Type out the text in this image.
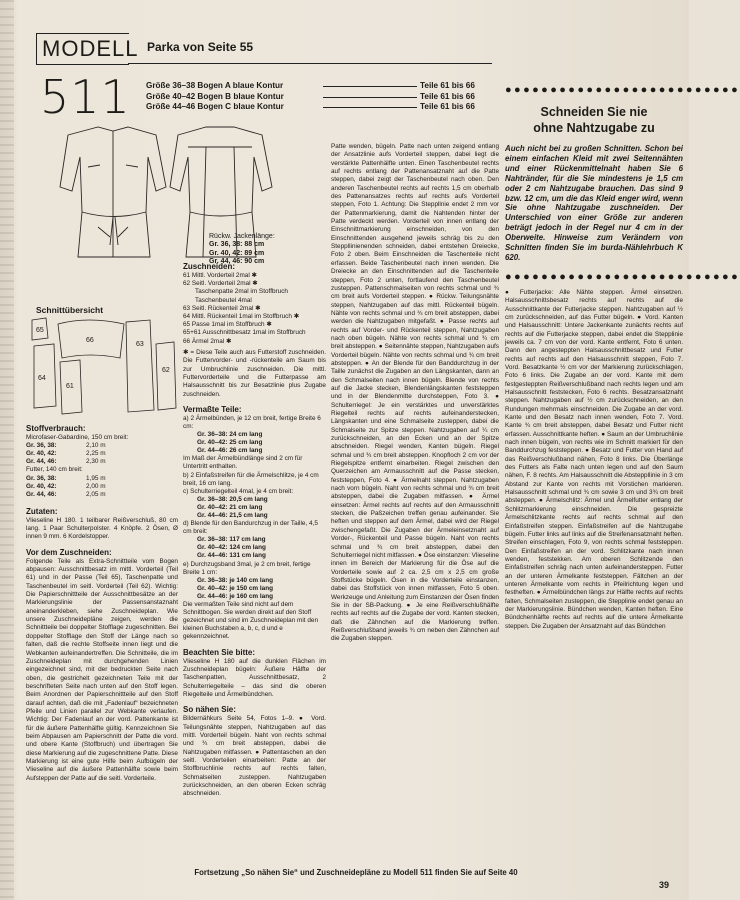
MODELL Parka von Seite 55
511 Größe 36–38 Bogen A blaue Kontur	Teile 61 bis 66
Größe 40–42 Bogen B blaue Kontur	Teile 61 bis 66
Größe 44–46 Bogen C blaue Kontur	Teile 61 bis 66
Rückw. Jackenlänge:
Gr. 36, 38: 88 cm
Gr. 40, 42: 89 cm
Gr. 44, 46: 90 cm
Schnittübersicht
65
66
63
62
61
64
Stoffverbrauch:
Microfaser-Gabardine, 150 cm breit:
Gr. 36, 38:	2,10 m
Gr. 40, 42:	2,25 m
Gr. 44, 46:	2,30 m
Futter, 140 cm breit:
Gr. 36, 38:	1,95 m
Gr. 40, 42:	2,00 m
Gr. 44, 46:	2,05 m
Zutaten:
Vlieseline H 180. 1 teilbarer Reißverschluß, 80 cm lang. 1 Paar Schulterpolster. 4 Knöpfe. 2 Ösen, Ø innen 9 mm. 6 Kordelstopper.
Vor dem Zuschneiden:
Folgende Teile als Extra-Schnittteile vom Bogen abpausen: Ausschnittbesatz im mittl. Vorderteil (Teil 61) und in der Passe (Teil 65), Taschenpatte und Taschenbeutel im seitl. Vorderteil (Teil 62). Wichtig: Die Papierschnittteile der Ausschnittbesätze an der Markierungslinie der Passensanstaznaht aneinanderkleben, siehe Zuschneideplan. Wie unsere Zuschneidepläne zeigen, werden die Schnittteile bei doppelter Stofflage zugeschnitten. Bei doppelter Stofflage den Stoff der Länge nach so falten, daß die rechte Stoffseite innen liegt und die Webkanten aufeinandertreffen. Die Schnitteile, die im Zuschneideplan mit durchgehenden Linien eingezeichnet sind, mit der bedruckten Seite nach oben, die gestrichelt gezeichneten Teile mit der beschrifteten Seite nach unten auf den Stoff legen. Beim Anordnen der Papierschnittteile auf den Stoff darauf achten, daß die mit „Fadenlauf“ bezeichneten Pfeile und Linien parallel zur Webkante verlaufen. Wichtig: Der Fadenlauf an der vord. Pattenkante ist für die äußere Pattenhälfte gültig. Kennzeichnen Sie beim Abpausen am Papierschnitt der Patte die vord. und obere Kante (Stoffbruch) und übertragen Sie diese Markierung auf die zugeschnittene Patte. Diese Markierung ist eine gute Hilfe beim Aufbügeln der Vlieseline auf die äußere Pattenhälfte sowie beim Aufsteppen der Patte auf die seitl. Vorderteile.
Zuschneiden:
61 Mittl. Vorderteil 2mal ✱
62 Seitl. Vorderteil 2mal ✱
Taschenpatte 2mal im Stoffbruch
Taschenbeutel 4mal
63 Seitl. Rückenteil 2mal ✱
64 Mittl. Rückenteil 1mal im Stoffbruch ✱
65 Passe 1mal im Stoffbruch ✱
65+61 Ausschnittbesatz 1mal im Stoffbruch
66 Ärmel 2mal ✱
✱ = Diese Teile auch aus Futterstoff zuschneiden. Die Futtervorder- und -rückenteile am Saum bis zur Umbruchlinie zuschneiden. Die mittl. Futtervorderteile und die Futterpasse am Halsausschnitt bis zur Besatzlinie plus Zugabe zuschneiden.
Vermaßte Teile:
a) 2 Ärmelbünden, je 12 cm breit, fertige Breite 6 cm:
Gr. 36–38: 24 cm lang
Gr. 40–42: 25 cm lang
Gr. 44–46: 26 cm lang
Im Maß der Ärmelbündlänge sind 2 cm für Untertritt enthalten.
b) 2 Einfaßstreifen für die Ärmelschlitze, je 4 cm breit, 16 cm lang.
c) Schulterriegelteil 4mal, je 4 cm breit:
Gr. 36–38: 20,5 cm lang
Gr. 40–42: 21 cm lang
Gr. 44–46: 21,5 cm lang
d) Blende für den Bandurchzug in der Taille, 4,5 cm breit:
Gr. 36–38: 117 cm lang
Gr. 40–42: 124 cm lang
Gr. 44–46: 131 cm lang
e) Durchzugsband 3mal, je 2 cm breit, fertige Breite 1 cm:
Gr. 36–38: je 140 cm lang
Gr. 40–42: je 150 cm lang
Gr. 44–46: je 160 cm lang
Die vermaßten Teile sind nicht auf dem Schnittbogen. Sie werden direkt auf den Stoff gezeichnet und sind im Zuschneideplan mit den kleinen Buchstaben a, b, c, d und e gekennzeichnet.
Beachten Sie bitte:
Vlieseline H 180 auf die dunklen Flächen im Zuschneideplan bügeln: Äußere Hälfte der Taschenpatten, Ausschnittbesatz, 2 Schulterriegelteile – das sind die oberen Riegelteile und Ärmelbündchen.
So nähen Sie:
Bildernähkurs Seite 54, Fotos 1–9. ● Vord. Teilungsnähte steppen, Nahtzugaben auf das mittl. Vorderteil bügeln. Naht von rechts schmal und ¾ cm breit absteppen, dabei die Nahtzugaben mitfassen. ● Pattentaschen an den seitl. Vorderteilen einarbeiten: Patte an der Stoffbruchlinie rechts auf rechts falten, Schmalseiten zusteppen. Nahtzugaben zurückschneiden, an den oberen Ecken schräg abschneiden.
Patte wenden, bügeln. Patte nach unten zeigend entlang der Ansatzlinie aufs Vorderteil steppen, dabei liegt die verstärkte Pattenhälfte unten. Einen Taschenbeutel rechts auf rechts entlang der Pattenansatznaht auf die Patte steppen, dabei zeigt der Taschenbeutel nach oben. Den anderen Taschenbeutel rechts auf rechts 1,5 cm oberhalb des Pattenansatzes rechts auf rechts aufs Vorderteil steppen, Foto 1. Achtung: Die Steppllnie endet 2 mm vor der Pattenmarkierung, damit die Nahtenden hinter der Patte verdeckt werden. Vorderteil von innen entlang der Einschnittmarkierung einschneiden, von den Einschnittenden ausgehend jeweils schräg bis zu den Steppllinienenden schneiden, dabei entstehen Dreiecke, Foto 2 oben. Beim Einschneiden die Taschenteile nicht erfassen. Beide Taschenbeutel nach innen wenden. Die Dreiecke an den Einschnittenden auf die Taschenteile steppen, Foto 2 unten, fortlaufend den Taschenbeutel zusteppen. Pattenschmalseiten von rechts schmal und ¾ cm breit aufs Vorderteil steppen. ● Rückw. Teilungsnähte steppen, Nahtzugaben auf das mittl. Rückenteil bügeln. Nähte von rechts schmal und ¾ cm breit absteppen, dabei werden die Nahtzugaben mitgefaßt. ● Passe rechts auf rechts auf Vorder- und Rückenteil steppen, Nahtzugaben nach oben bügeln. Nähte von rechts schmal und ¾ cm breit absteppen. ● Seitennähte steppen, Nahtzugaben aufs Vorderteil bügeln. Nähte von rechts schmal und ¾ cm breit absteppen. ● An der Blende für den Banddurchzug in der Taille zunächst die Zugaben an den Längskanten, dann an den Schmalseiten nach innen bügeln. Blende von rechts auf die Jacke stecken, Blendenlängskanten feststeppen und in der Blendenmitte durchsteppen, Foto 3. ● Schulterriegel: Je ein verstärktes und unverstärktes Riegelteil rechts auf rechts aufeinanderstecken, Längskanten und eine Schmalseite zusteppen, dabei die Schmalseite zur Spitze steppen. Nahtzugaben auf ¼ cm zurückschneiden, an den Ecken und an der Spitze abschneiden. Riegel wenden, Kanten bügeln. Riegel schmal und ¾ cm breit absteppen. Knopfloch 2 cm vor der Riegelspitze entfernt einarbeiten. Riegel zwischen den Querzeichen am Armausschnitt auf die Passe stecken, feststeppen, Foto 4. ● Ärmelnaht steppen. Nahtzugaben nach vorn bügeln. Naht von rechts schmal und ¾ cm breit absteppen, dabei die Zugaben mitfassen. ● Ärmel einsetzen: Ärmel rechts auf rechts auf den Armausschnitt stecken, die Paßzeichen treffen genau aufeinander. Sie heften und steppen auf dem Ärmel, dabei wird der Riegel zwischengefaßt. Die Zugaben der Ärmeleinsetznaht auf Vorder-, Rückenteil und Passe bügeln. Naht von rechts schmal und ¾ cm breit absteppen, dabei den Schulterriegel nicht mitfassen. ● Öse einstanzen: Vlieseline innen im Bereich der Markierung für die Öse auf die Vorderteile sowie auf 2 ca. 2,5 cm x 2,5 cm große Stoffstücke bügeln. Ösen in die Vorderteile einstanzen, dabei das Stoffstück von innen mitfassen, Foto 5 oben. Werkzeuge und Anleitung zum Einstanzen der Ösen finden Sie in der SB-Packung. ● Je eine Reißverschlußhälfte rechts auf rechts auf die Zugabe der vord. Kanten stecken, daß die Zähnchen auf die Markierung treffen. Reißverschlußband jeweils ¾ cm neben den Zähnchen auf die Zugaben steppen.
●●●●●●●●●●●●●●●●●●●●●●●●●●
Schneiden Sie nie
ohne Nahtzugabe zu
Auch nicht bei zu großen Schnitten. Schon bei einem einfachen Kleid mit zwei Seitennähten und einer Rückenmittelnaht haben Sie 6 Nahtränder, für die Sie mindestens je 1,5 cm oder 2 cm Nahtzugabe brauchen. Das sind 9 bzw. 12 cm, um die das Kleid enger wird, wenn Sie ohne Nahtzugabe zuschneiden. Der Unterschied von einer Größe zur anderen beträgt jedoch in der Regel nur 4 cm in der Oberweite. Hinweise zum Verändern von Schnitten finden Sie im burda-Nählehrbuch K 620.
●●●●●●●●●●●●●●●●●●●●●●●●●●
● Futterjacke: Alle Nähte steppen. Ärmel einsetzen. Halsausschnittsbesatz rechts auf rechts auf die Ausschnittkante der Futterjacke steppen. Nahtzugaben auf ½ cm zurückschneiden, auf das Futter bügeln. ● Vord. Kanten und Halsausschnitt: Untere Jackenkante zunächts rechts auf rechts auf die Futterjacke steppen, dabei endet die Stepplinie jeweils ca. 7 cm von der vord. Kante entfernt, Foto 6 unten. Dann den angesteppten Halsausschnittbesatz und Futter rechts auf rechts auf den Halsausschnitt steppen, Foto 7. Vord. Besatzkante ½ cm vor der Markierung zurückschlagen, Foto 6 links. Die Zugabe an der vord. Kante mit dem festgesteppten Reißverschlußband nach rechts legen und am Halsausschnitt feststecken, Foto 6 rechts. Besatzansatznaht steppen. Nahtzugaben auf ½ cm zurückschneiden, an den Rundungen mehrmals einschneiden. Die Zugabe an der vord. Kante und den Besatz nach innen wenden, Foto 7. Vord. Kante ¾ cm breit absteppen, dabei Besatz und Futter nicht erfassen. Ausschnittkante heften. ● Saum an der Umbruchlinie nach innen bügeln, von rechts wie im Schnitt markiert für den Banddurchzug feststeppen. ● Besatz und Futter von Hand auf das Reißverschlußband nähen, Foto 8 links. Die Überlänge des Futters als Falte nach unten legen und auf den Saum nähen, F. 8 rechts. Am Halsausschnitt die Absteppllinie in 3 cm Abstand zur Kante von rechts mit Vorstichen markieren. Halsausschnitt schmal und ¾ cm sowie 3 cm und 3¾ cm breit absteppen. ● Ärmelschlitz: Ärmel und Ärmelfutter entlang der Schlitzmarkierung einschneiden. Die gespreizte Ärmelschlitzkante rechts auf rechts schmal auf den Einfaßstreifen steppen. Einfaßstreifen auf die Nahtzugabe bügeln. Futter links auf links auf die Streifenansatznaht heften. Streifen einschlagen, Foto 9, von rechts schmal feststeppen. Den Einfaßstreifen an der vord. Schlitzkante nach innen wenden, feststekken. Am oberen Schlitzende den Einfaßstreifen schräg nach unten aufeinandersteppen. Futter an der unteren Ärmelkante feststeppen. Fältchen an der unteren Ärmelkante vom rechts in Pfeilrichtung legen und festheften. ● Ärmelbündchen längs zur Hälfte rechts auf rechts falten, Schmalseiten zusteppen, die Stepplinie endet genau an der Markierungslinie. Bündchen wenden, Kanten heften. Eine Bündchenhälfte rechts auf rechts auf die untere Ärmelkante steppen. Die Zugaben der Ansatznaht auf das Bündchen
Fortsetzung „So nähen Sie“ und Zuschneidepläne zu Modell 511 finden Sie auf Seite 40
39
